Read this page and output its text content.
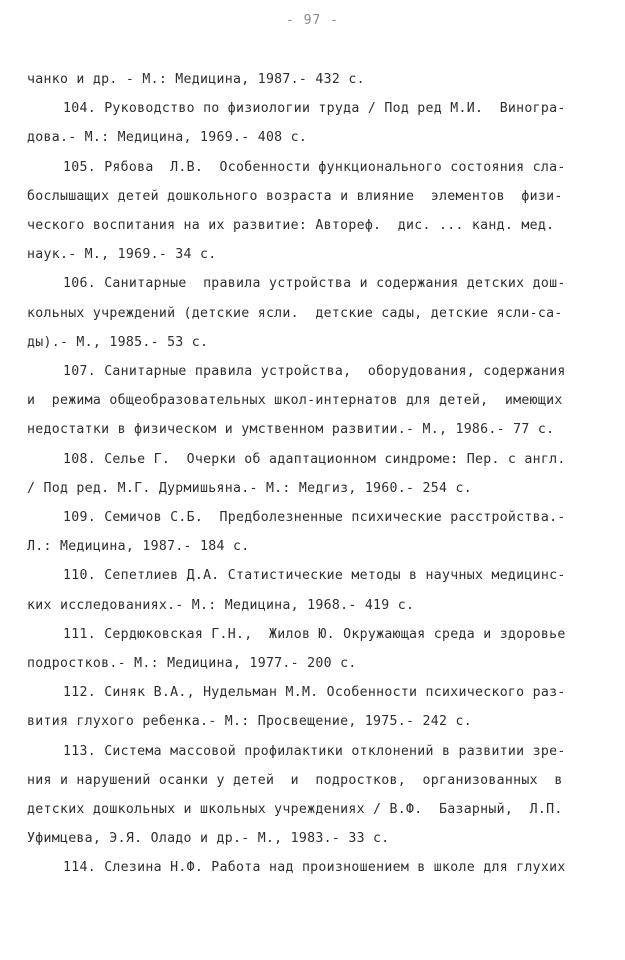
- 97 -
чанко и др. - М.: Медицина, 1987.- 432 с.
104. Руководство по физиологии труда / Под ред М.И.  Виногра-
дова.- М.: Медицина, 1969.- 408 с.
105. Рябова  Л.В.  Особенности функционального состояния сла-
бослышащих детей дошкольного возраста и влияние  элементов  физи-
ческого воспитания на их развитие: Автореф.  дис. ... канд. мед.
наук.- М., 1969.- 34 с.
106. Санитарные  правила устройства и содержания детских дош-
кольных учреждений (детские ясли.  детские сады, детские ясли-са-
ды).- М., 1985.- 53 с.
107. Санитарные правила устройства,  оборудования, содержания
и  режима общеобразовательных школ-интернатов для детей,  имеющих
недостатки в физическом и умственном развитии.- М., 1986.- 77 с.
108. Селье Г.  Очерки об адаптационном синдроме: Пер. с англ.
/ Под ред. М.Г. Дурмишьяна.- М.: Медгиз, 1960.- 254 с.
109. Семичов С.Б.  Предболезненные психические расстройства.-
Л.: Медицина, 1987.- 184 с.
110. Сепетлиев Д.А. Статистические методы в научных медицинс-
ких исследованиях.- М.: Медицина, 1968.- 419 с.
111. Сердюковская Г.Н.,  Жилов Ю. Окружающая среда и здоровье
подростков.- М.: Медицина, 1977.- 200 с.
112. Синяк В.А., Нудельман М.М. Особенности психического раз-
вития глухого ребенка.- М.: Просвещение, 1975.- 242 с.
113. Система массовой профилактики отклонений в развитии зре-
ния и нарушений осанки у детей  и  подростков,  организованных  в
детских дошкольных и школьных учреждениях / В.Ф.  Базарный,  Л.П.
Уфимцева, Э.Я. Оладо и др.- М., 1983.- 33 с.
114. Слезина Н.Ф. Работа над произношением в школе для глухих
